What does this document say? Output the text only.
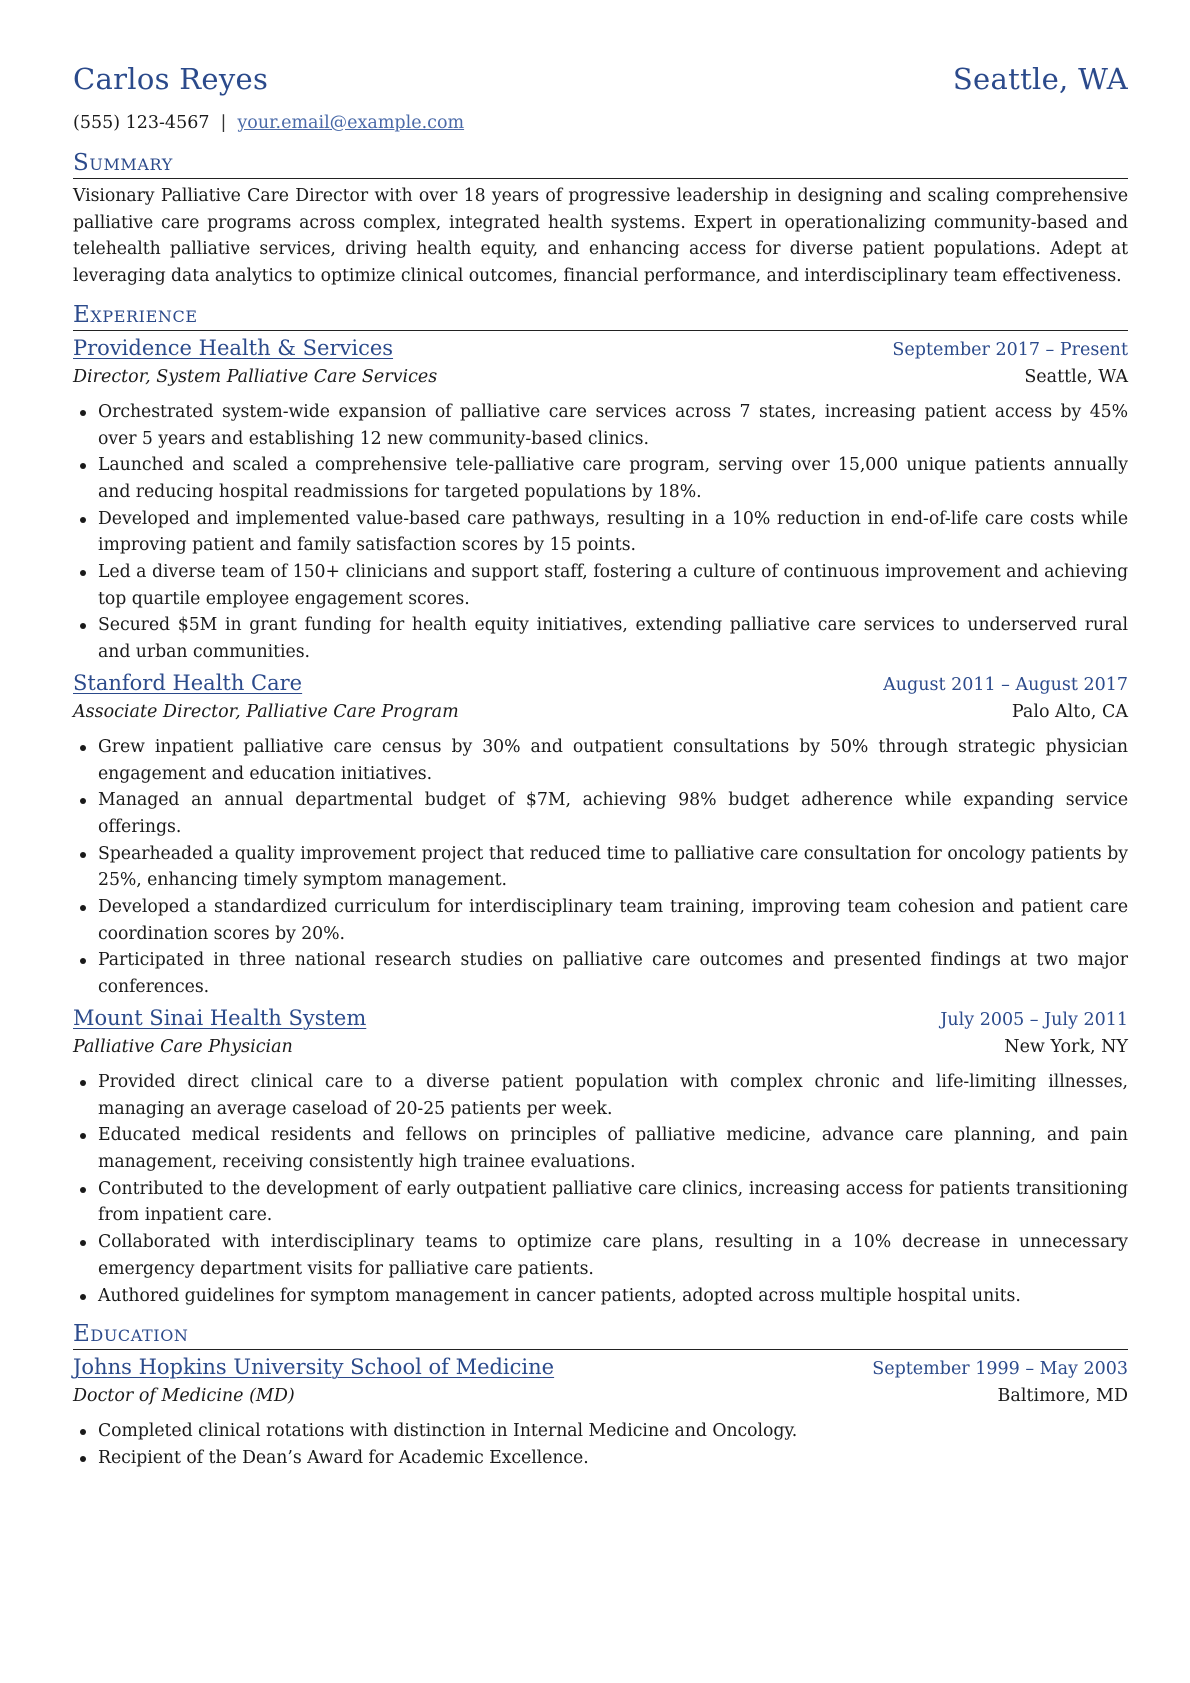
Carlos Reyes	Seattle, WA
(555) 123-4567 | your.email@example.com
Summary
Visionary Palliative Care Director with over 18 years of progressive leadership in designing and scaling comprehensive palliative care programs across complex, integrated health systems. Expert in operationalizing community-based and telehealth palliative services, driving health equity, and enhancing access for diverse patient populations. Adept at leveraging data analytics to optimize clinical outcomes, financial performance, and interdisciplinary team effectiveness.
Experience
Providence Health & Services	September 2017 – Present
Director, System Palliative Care Services	Seattle, WA
Orchestrated system-wide expansion of palliative care services across 7 states, increasing patient access by 45% over 5 years and establishing 12 new community-based clinics.
Launched and scaled a comprehensive tele-palliative care program, serving over 15,000 unique patients annually and reducing hospital readmissions for targeted populations by 18%.
Developed and implemented value-based care pathways, resulting in a 10% reduction in end-of-life care costs while improving patient and family satisfaction scores by 15 points.
Led a diverse team of 150+ clinicians and support staff, fostering a culture of continuous improvement and achieving top quartile employee engagement scores.
Secured $5M in grant funding for health equity initiatives, extending palliative care services to underserved rural and urban communities.
Stanford Health Care	August 2011 – August 2017
Associate Director, Palliative Care Program	Palo Alto, CA
Grew inpatient palliative care census by 30% and outpatient consultations by 50% through strategic physician engagement and education initiatives.
Managed an annual departmental budget of $7M, achieving 98% budget adherence while expanding service offerings.
Spearheaded a quality improvement project that reduced time to palliative care consultation for oncology patients by 25%, enhancing timely symptom management.
Developed a standardized curriculum for interdisciplinary team training, improving team cohesion and patient care coordination scores by 20%.
Participated in three national research studies on palliative care outcomes and presented findings at two major conferences.
Mount Sinai Health System	July 2005 – July 2011
Palliative Care Physician	New York, NY
Provided direct clinical care to a diverse patient population with complex chronic and life-limiting illnesses, managing an average caseload of 20-25 patients per week.
Educated medical residents and fellows on principles of palliative medicine, advance care planning, and pain management, receiving consistently high trainee evaluations.
Contributed to the development of early outpatient palliative care clinics, increasing access for patients transitioning from inpatient care.
Collaborated with interdisciplinary teams to optimize care plans, resulting in a 10% decrease in unnecessary emergency department visits for palliative care patients.
Authored guidelines for symptom management in cancer patients, adopted across multiple hospital units.
Education
Johns Hopkins University School of Medicine	September 1999 – May 2003
Doctor of Medicine (MD)	Baltimore, MD
Completed clinical rotations with distinction in Internal Medicine and Oncology.
Recipient of the Dean’s Award for Academic Excellence.
